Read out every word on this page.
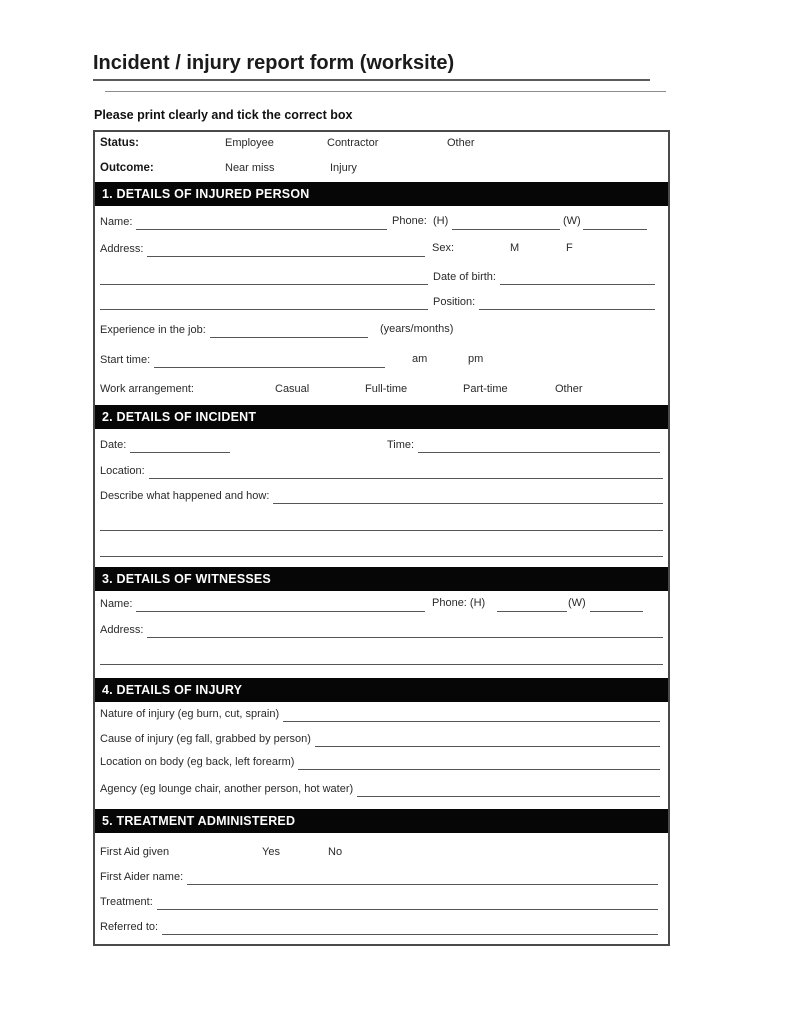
Incident / injury report form (worksite)
Please print clearly and tick the correct box
Status:	Employee	Contractor	Other
Outcome:	Near miss	Injury
1. DETAILS OF INJURED PERSON
Name:	Phone: (H)	(W)
Address:	Sex:	M	F
Date of birth:
Position:
Experience in the job:	(years/months)
Start time:	am	pm
Work arrangement:	Casual	Full-time	Part-time	Other
2. DETAILS OF INCIDENT
Date:	Time:
Location:
Describe what happened and how:
3. DETAILS OF WITNESSES
Name:	Phone: (H)	(W)
Address:
4. DETAILS OF INJURY
Nature of injury (eg burn, cut, sprain)
Cause of injury (eg fall, grabbed by person)
Location on body (eg back, left forearm)
Agency (eg lounge chair, another person, hot water)
5. TREATMENT ADMINISTERED
First Aid given	Yes	No
First Aider name:
Treatment:
Referred to:
